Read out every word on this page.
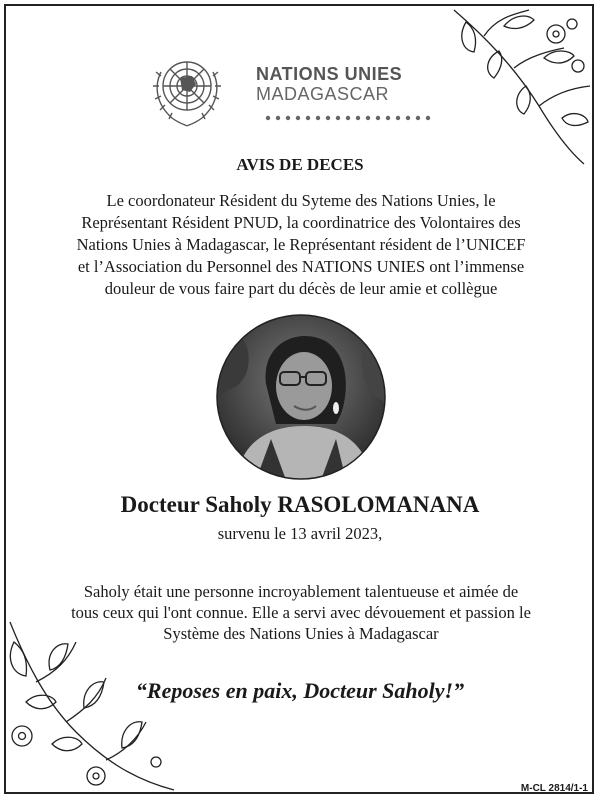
NATIONS UNIES
MADAGASCAR
AVIS DE DECES
Le coordonateur Résident du Syteme des Nations Unies, le
Représentant Résident PNUD, la coordinatrice des Volontaires des
Nations Unies à Madagascar, le Représentant résident de l’UNICEF
et l’Association du Personnel des NATIONS UNIES ont l’immense
douleur de vous faire part du décès de leur amie et collègue
Docteur Saholy RASOLOMANANA
survenu le 13 avril 2023,
Saholy était une personne incroyablement talentueuse et aimée de
tous ceux qui l'ont connue. Elle a servi avec dévouement et passion le
Système des Nations Unies à Madagascar
“Reposes en paix, Docteur Saholy!”
M-CL 2814/1-1
